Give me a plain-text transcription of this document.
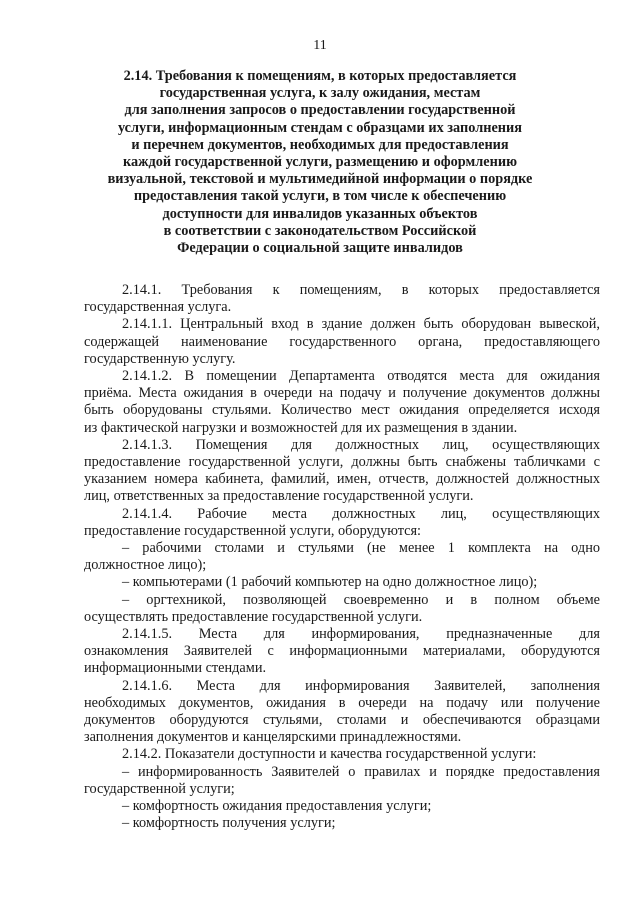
11
2.14. Требования к помещениям, в которых предоставляется
государственная услуга, к залу ожидания, местам
для заполнения запросов о предоставлении государственной
услуги, информационным стендам с образцами их заполнения
и перечнем документов, необходимых для предоставления
каждой государственной услуги, размещению и оформлению
визуальной, текстовой и мультимедийной информации о порядке
предоставления такой услуги, в том числе к обеспечению
доступности для инвалидов указанных объектов
в соответствии с законодательством Российской
Федерации о социальной защите инвалидов
2.14.1. Требования к помещениям, в которых предоставляется
государственная услуга.
2.14.1.1. Центральный вход в здание должен быть оборудован вывеской,
содержащей наименование государственного органа, предоставляющего
государственную услугу.
2.14.1.2. В помещении Департамента отводятся места для ожидания
приёма. Места ожидания в очереди на подачу и получение документов должны
быть оборудованы стульями. Количество мест ожидания определяется исходя
из фактической нагрузки и возможностей для их размещения в здании.
2.14.1.3. Помещения для должностных лиц, осуществляющих
предоставление государственной услуги, должны быть снабжены табличками с
указанием номера кабинета, фамилий, имен, отчеств, должностей должностных
лиц, ответственных за предоставление государственной услуги.
2.14.1.4. Рабочие места должностных лиц, осуществляющих
предоставление государственной услуги, оборудуются:
– рабочими столами и стульями (не менее 1 комплекта на одно
должностное лицо);
– компьютерами (1 рабочий компьютер на одно должностное лицо);
– оргтехникой, позволяющей своевременно и в полном объеме
осуществлять предоставление государственной услуги.
2.14.1.5. Места для информирования, предназначенные для
ознакомления Заявителей с информационными материалами, оборудуются
информационными стендами.
2.14.1.6. Места для информирования Заявителей, заполнения
необходимых документов, ожидания в очереди на подачу или получение
документов оборудуются стульями, столами и обеспечиваются образцами
заполнения документов и канцелярскими принадлежностями.
2.14.2. Показатели доступности и качества государственной услуги:
– информированность Заявителей о правилах и порядке предоставления
государственной услуги;
– комфортность ожидания предоставления услуги;
– комфортность получения услуги;
